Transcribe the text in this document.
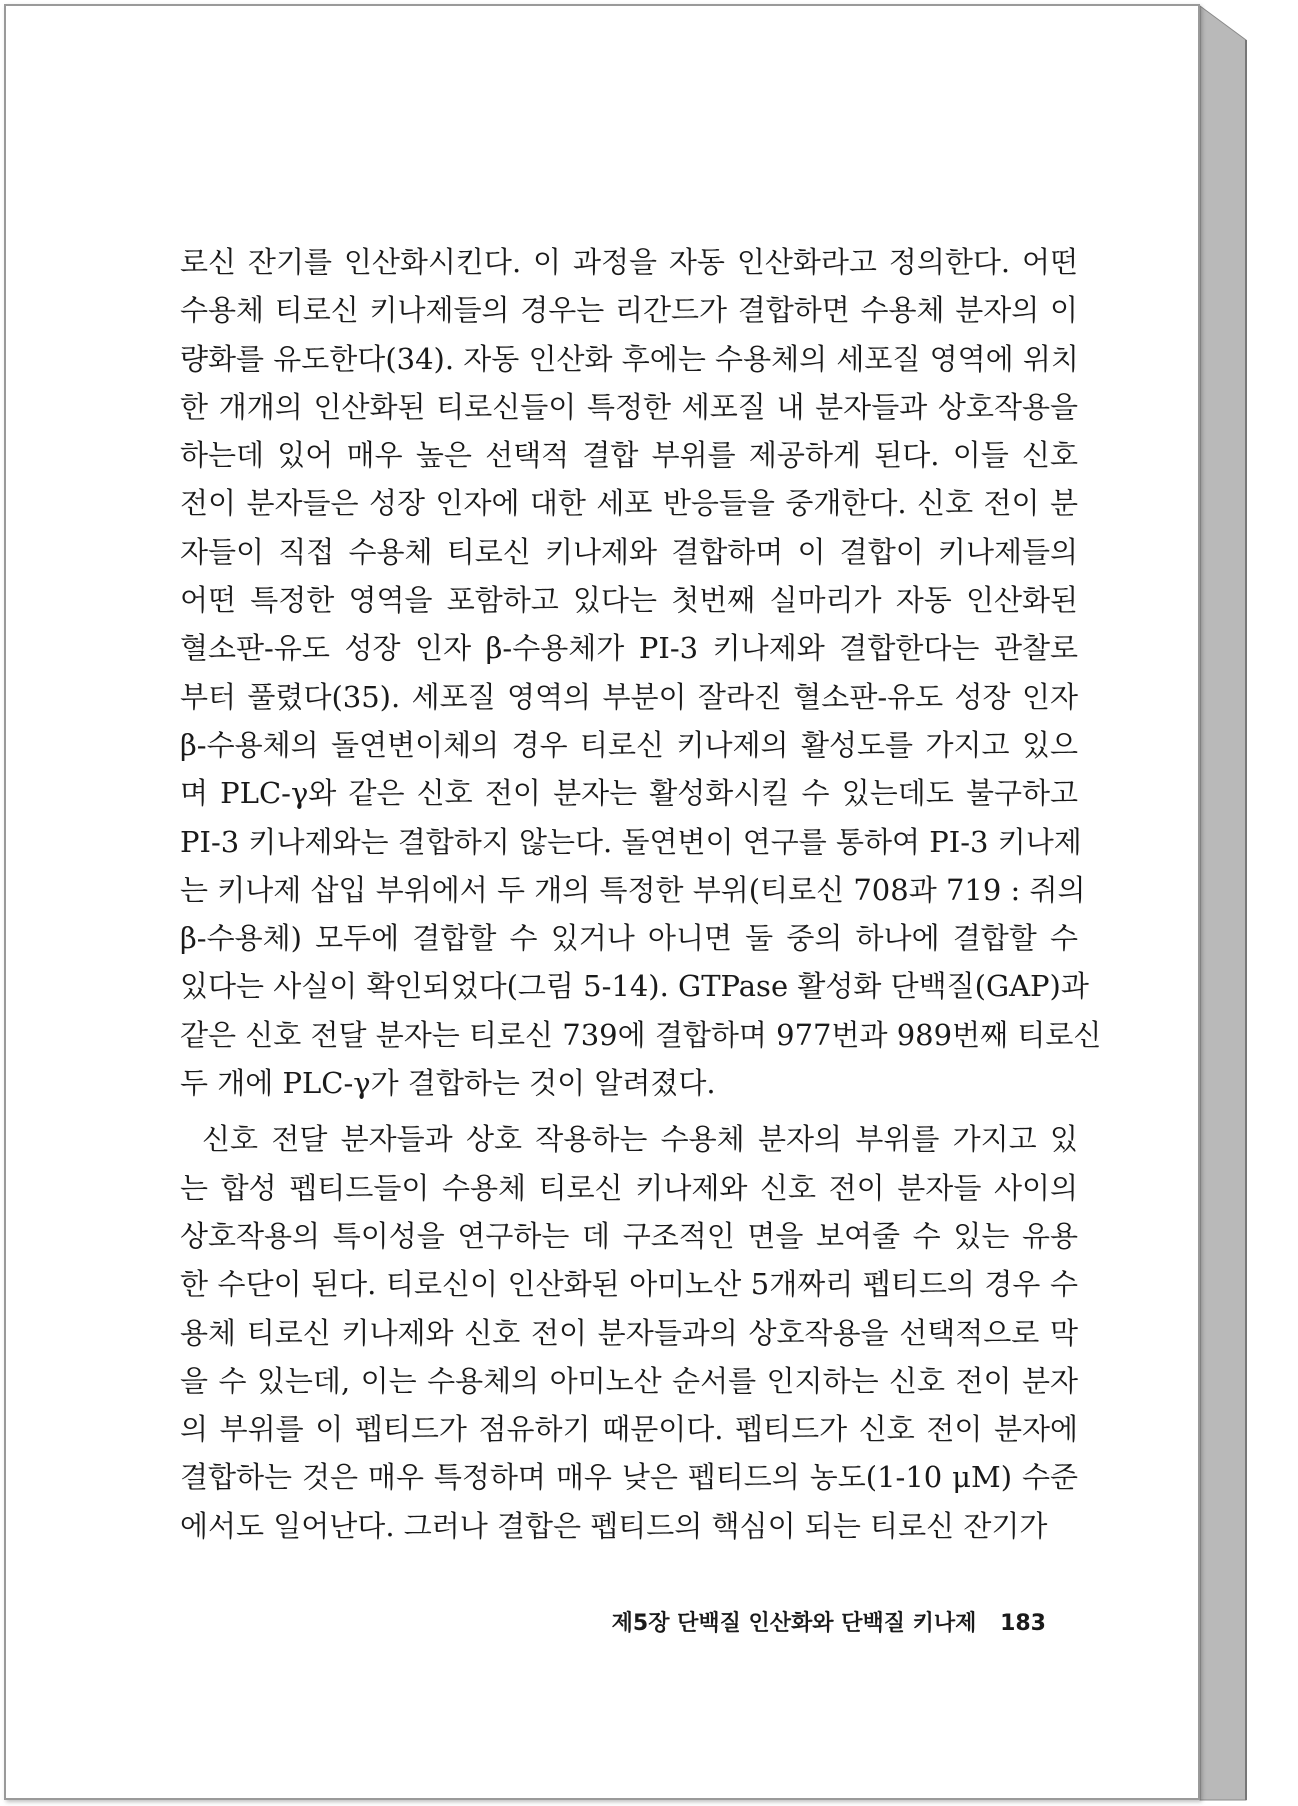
로신 잔기를 인산화시킨다. 이 과정을 자동 인산화라고 정의한다. 어떤
수용체 티로신 키나제들의 경우는 리간드가 결합하면 수용체 분자의 이
량화를 유도한다(34). 자동 인산화 후에는 수용체의 세포질 영역에 위치
한 개개의 인산화된 티로신들이 특정한 세포질 내 분자들과 상호작용을
하는데 있어 매우 높은 선택적 결합 부위를 제공하게 된다. 이들 신호
전이 분자들은 성장 인자에 대한 세포 반응들을 중개한다. 신호 전이 분
자들이 직접 수용체 티로신 키나제와 결합하며 이 결합이 키나제들의
어떤 특정한 영역을 포함하고 있다는 첫번째 실마리가 자동 인산화된
혈소판-유도 성장 인자 β-수용체가 PI-3 키나제와 결합한다는 관찰로
부터 풀렸다(35). 세포질 영역의 부분이 잘라진 혈소판-유도 성장 인자
β-수용체의 돌연변이체의 경우 티로신 키나제의 활성도를 가지고 있으
며 PLC-γ와 같은 신호 전이 분자는 활성화시킬 수 있는데도 불구하고
PI-3 키나제와는 결합하지 않는다. 돌연변이 연구를 통하여 PI-3 키나제
는 키나제 삽입 부위에서 두 개의 특정한 부위(티로신 708과 719 : 쥐의
β-수용체) 모두에 결합할 수 있거나 아니면 둘 중의 하나에 결합할 수
있다는 사실이 확인되었다(그림 5-14). GTPase 활성화 단백질(GAP)과
같은 신호 전달 분자는 티로신 739에 결합하며 977번과 989번째 티로신
두 개에 PLC-γ가 결합하는 것이 알려졌다.
신호 전달 분자들과 상호 작용하는 수용체 분자의 부위를 가지고 있
는 합성 펩티드들이 수용체 티로신 키나제와 신호 전이 분자들 사이의
상호작용의 특이성을 연구하는 데 구조적인 면을 보여줄 수 있는 유용
한 수단이 된다. 티로신이 인산화된 아미노산 5개짜리 펩티드의 경우 수
용체 티로신 키나제와 신호 전이 분자들과의 상호작용을 선택적으로 막
을 수 있는데, 이는 수용체의 아미노산 순서를 인지하는 신호 전이 분자
의 부위를 이 펩티드가 점유하기 때문이다. 펩티드가 신호 전이 분자에
결합하는 것은 매우 특정하며 매우 낮은 펩티드의 농도(1-10 μM) 수준
에서도 일어난다. 그러나 결합은 펩티드의 핵심이 되는 티로신 잔기가
제5장 단백질 인산화와 단백질 키나제 183
